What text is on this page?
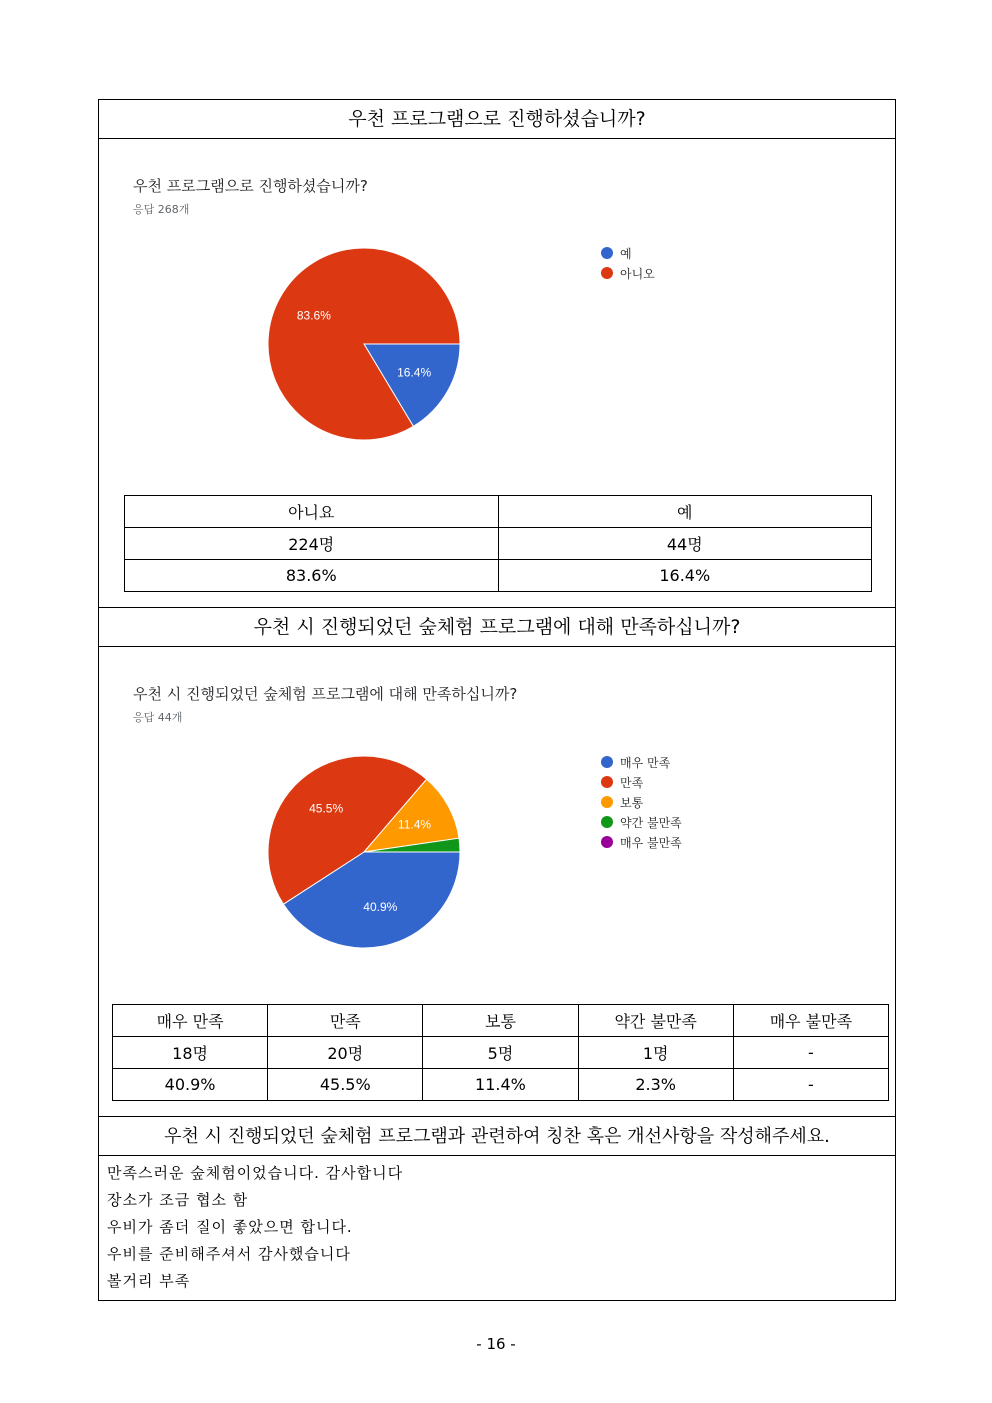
우천 프로그램으로 진행하셨습니까?
우천 프로그램으로 진행하셨습니까?
응답 268개
16.4%
83.6%
예
아니오
아니요	예
224명	44명
83.6%	16.4%
우천 시 진행되었던 숲체험 프로그램에 대해 만족하십니까?
우천 시 진행되었던 숲체험 프로그램에 대해 만족하십니까?
응답 44개
40.9%
45.5%
11.4%
매우 만족
만족
보통
약간 불만족
매우 불만족
매우 만족	만족	보통	약간 불만족	매우 불만족
18명	20명	5명	1명	-
40.9%	45.5%	11.4%	2.3%	-
우천 시 진행되었던 숲체험 프로그램과 관련하여 칭찬 혹은 개선사항을 작성해주세요.
만족스러운 숲체험이었습니다. 감사합니다
장소가 조금 협소 함
우비가 좀더 질이 좋았으면 합니다.
우비를 준비해주셔서 감사했습니다
볼거리 부족
- 16 -
